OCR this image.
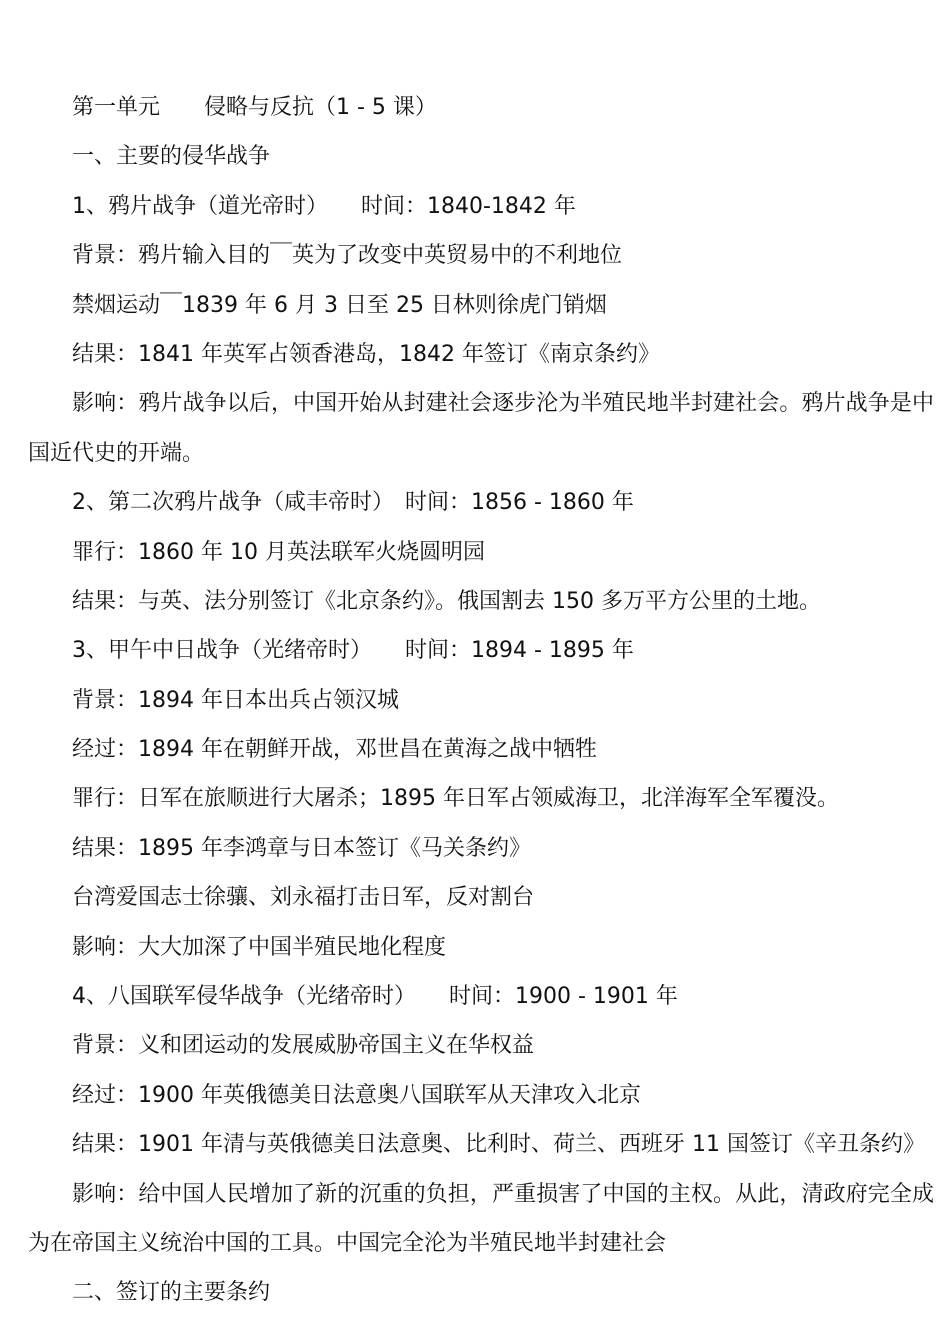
第一单元　　侵略与反抗（1 - 5 课）
一、主要的侵华战争
1、鸦片战争（道光帝时）　　时间：1840-1842 年
背景：鸦片输入目的￣英为了改变中英贸易中的不利地位
禁烟运动￣1839 年 6 月 3 日至 25 日林则徐虎门销烟
结果：1841 年英军占领香港岛，1842 年签订《南京条约》
影响：鸦片战争以后，中国开始从封建社会逐步沦为半殖民地半封建社会。鸦片战争是中
国近代史的开端。
2、第二次鸦片战争（咸丰帝时）　时间：1856 - 1860 年
罪行：1860 年 10 月英法联军火烧圆明园
结果：与英、法分别签订《北京条约》。俄国割去 150 多万平方公里的土地。
3、甲午中日战争（光绪帝时）　　时间：1894 - 1895 年
背景：1894 年日本出兵占领汉城
经过：1894 年在朝鲜开战，邓世昌在黄海之战中牺牲
罪行：日军在旅顺进行大屠杀；1895 年日军占领威海卫，北洋海军全军覆没。
结果：1895 年李鸿章与日本签订《马关条约》
台湾爱国志士徐骧、刘永福打击日军，反对割台
影响：大大加深了中国半殖民地化程度
4、八国联军侵华战争（光绪帝时）　　时间：1900 - 1901 年
背景：义和团运动的发展威胁帝国主义在华权益
经过：1900 年英俄德美日法意奥八国联军从天津攻入北京
结果：1901 年清与英俄德美日法意奥、比利时、荷兰、西班牙 11 国签订《辛丑条约》
影响：给中国人民增加了新的沉重的负担，严重损害了中国的主权。从此，清政府完全成
为在帝国主义统治中国的工具。中国完全沦为半殖民地半封建社会
二、签订的主要条约
